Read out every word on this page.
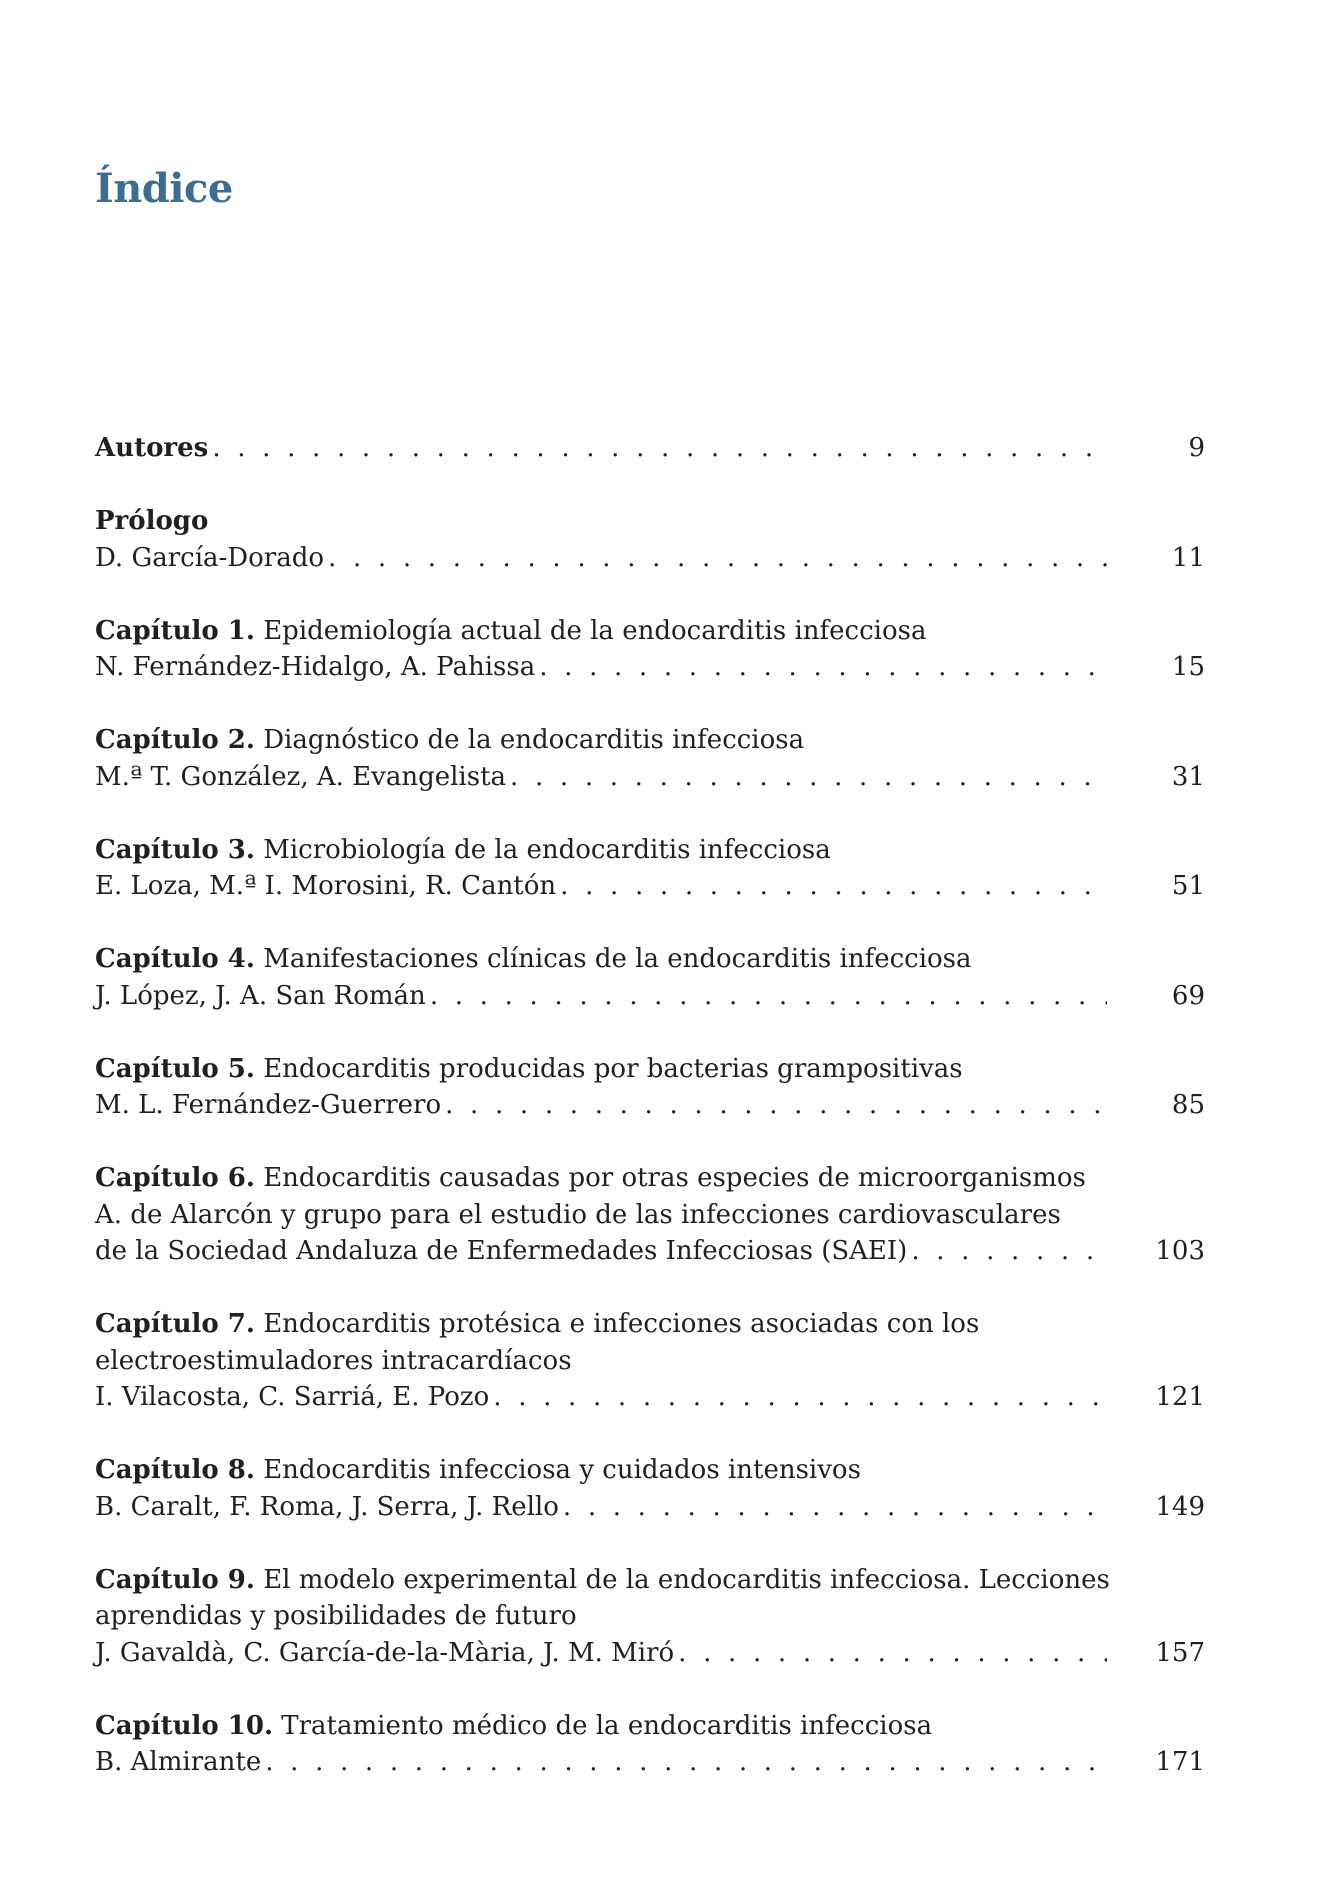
Índice
Autores . . .	9
Prólogo
D. García-Dorado . . .	11
Capítulo 1. Epidemiología actual de la endocarditis infecciosa
N. Fernández-Hidalgo, A. Pahissa . . .	15
Capítulo 2. Diagnóstico de la endocarditis infecciosa
M.ª T. González, A. Evangelista . . .	31
Capítulo 3. Microbiología de la endocarditis infecciosa
E. Loza, M.ª I. Morosini, R. Cantón . . .	51
Capítulo 4. Manifestaciones clínicas de la endocarditis infecciosa
J. López, J. A. San Román . . .	69
Capítulo 5. Endocarditis producidas por bacterias grampositivas
M. L. Fernández-Guerrero . . .	85
Capítulo 6. Endocarditis causadas por otras especies de microorganismos
A. de Alarcón y grupo para el estudio de las infecciones cardiovasculares
de la Sociedad Andaluza de Enfermedades Infecciosas (SAEI) . . .	103
Capítulo 7. Endocarditis protésica e infecciones asociadas con los
electroestimuladores intracardíacos
I. Vilacosta, C. Sarriá, E. Pozo . . .	121
Capítulo 8. Endocarditis infecciosa y cuidados intensivos
B. Caralt, F. Roma, J. Serra, J. Rello . . .	149
Capítulo 9. El modelo experimental de la endocarditis infecciosa. Lecciones
aprendidas y posibilidades de futuro
J. Gavaldà, C. García-de-la-Mària, J. M. Miró . . .	157
Capítulo 10. Tratamiento médico de la endocarditis infecciosa
B. Almirante . . .	171
